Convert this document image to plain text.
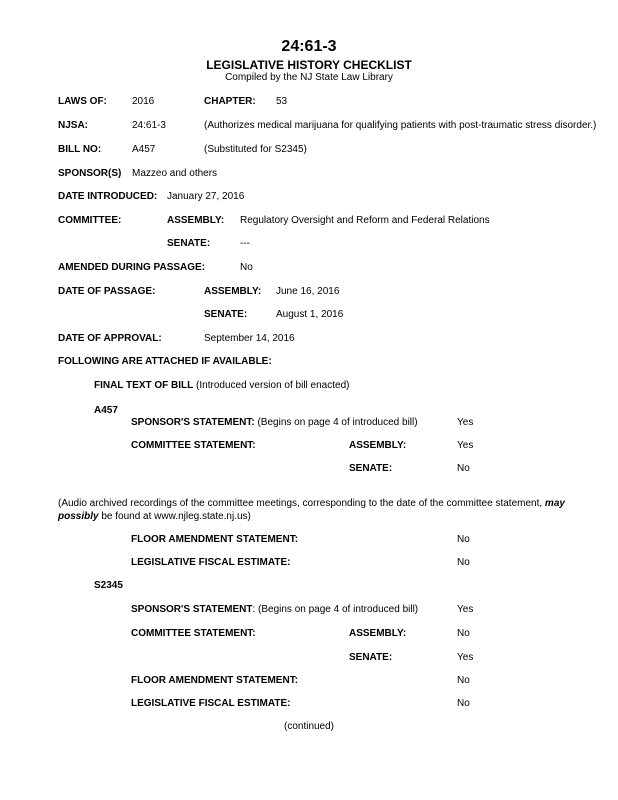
24:61-3
LEGISLATIVE HISTORY CHECKLIST
Compiled by the NJ State Law Library
LAWS OF:	2016	CHAPTER: 53
NJSA:	24:61-3	(Authorizes medical marijuana for qualifying patients with post-traumatic stress disorder.)
BILL NO:	A457	(Substituted for S2345)
SPONSOR(S) Mazzeo and others
DATE INTRODUCED: January 27, 2016
COMMITTEE:	ASSEMBLY: Regulatory Oversight and Reform and Federal Relations
SENATE:	---
AMENDED DURING PASSAGE:	No
DATE OF PASSAGE:	ASSEMBLY: June 16, 2016
SENATE:	August 1, 2016
DATE OF APPROVAL:	September 14, 2016
FOLLOWING ARE ATTACHED IF AVAILABLE:
FINAL TEXT OF BILL (Introduced version of bill enacted)
A457
SPONSOR'S STATEMENT: (Begins on page 4 of introduced bill)	Yes
COMMITTEE STATEMENT:	ASSEMBLY:	Yes
SENATE:	No
(Audio archived recordings of the committee meetings, corresponding to the date of the committee statement, may possibly be found at www.njleg.state.nj.us)
FLOOR AMENDMENT STATEMENT:	No
LEGISLATIVE FISCAL ESTIMATE:	No
S2345
SPONSOR'S STATEMENT: (Begins on page 4 of introduced bill)	Yes
COMMITTEE STATEMENT:	ASSEMBLY:	No
SENATE:	Yes
FLOOR AMENDMENT STATEMENT:	No
LEGISLATIVE FISCAL ESTIMATE:	No
(continued)
